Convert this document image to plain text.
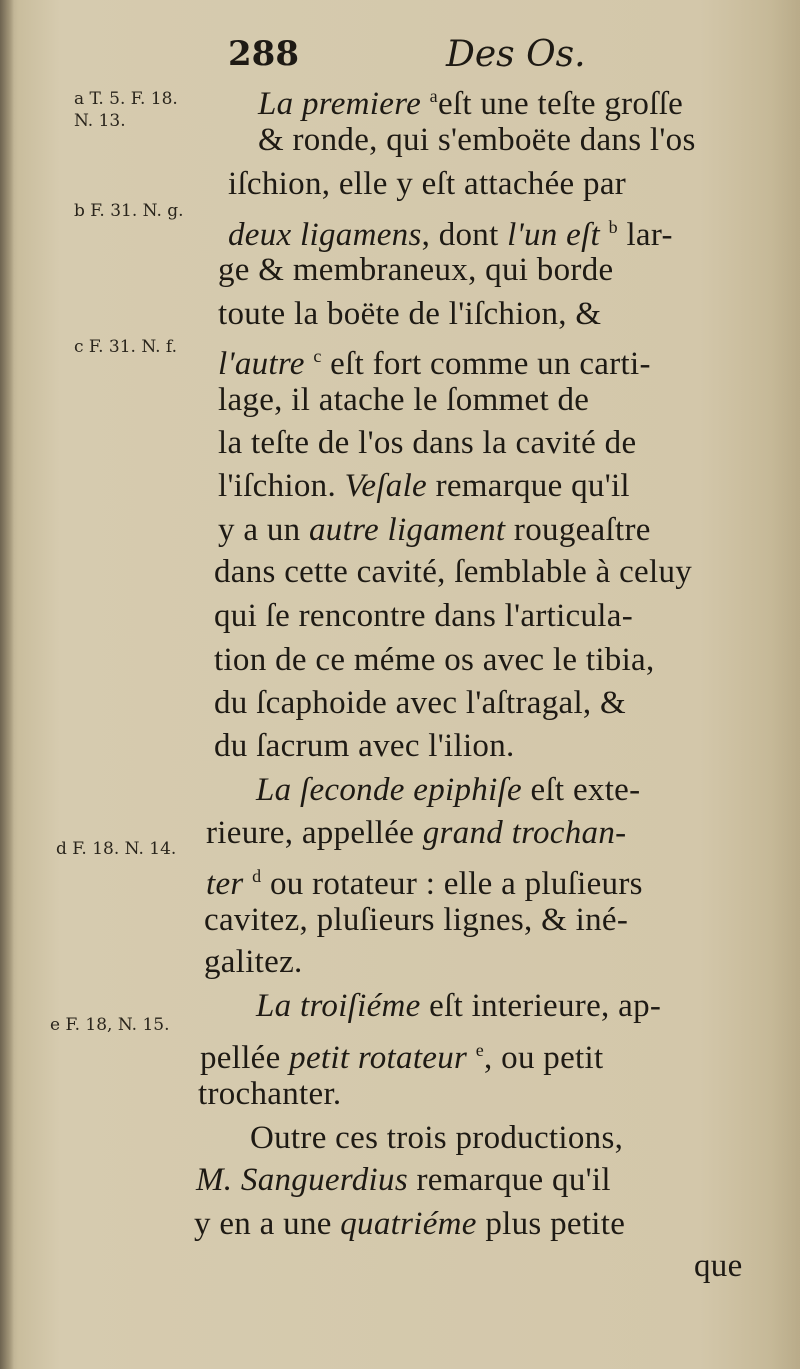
288	Des Os.
a T. 5. F. 18.
N. 13.
b F. 31. N. g.
c F. 31. N. f.
d F. 18. N. 14.
e F. 18, N. 15.
La premiere $^a$eſt une teſte groſſe
& ronde, qui s'emboëte dans l'os
iſchion, elle y eſt attachée par
deux ligamens, dont l'un eſt $^b$ lar-
ge & membraneux, qui borde
toute la boëte de l'iſchion, &
l'autre $^c$ eſt fort comme un carti-
lage, il atache le ſommet de
la teſte de l'os dans la cavité de
l'iſchion. Veſale remarque qu'il
y a un autre ligament rougeaſtre
dans cette cavité, ſemblable à celuy
qui ſe rencontre dans l'articula-
tion de ce méme os avec le tibia,
du ſcaphoide avec l'aſtragal, &
du ſacrum avec l'ilion.
La ſeconde epiphiſe eſt exte-
rieure, appellée grand trochan-
ter $^d$ ou rotateur : elle a pluſieurs
cavitez, pluſieurs lignes, & iné-
galitez.
La troiſiéme eſt interieure, ap-
pellée petit rotateur $^e$, ou petit
trochanter.
Outre ces trois productions,
M. Sanguerdius remarque qu'il
y en a une quatriéme plus petite
que
